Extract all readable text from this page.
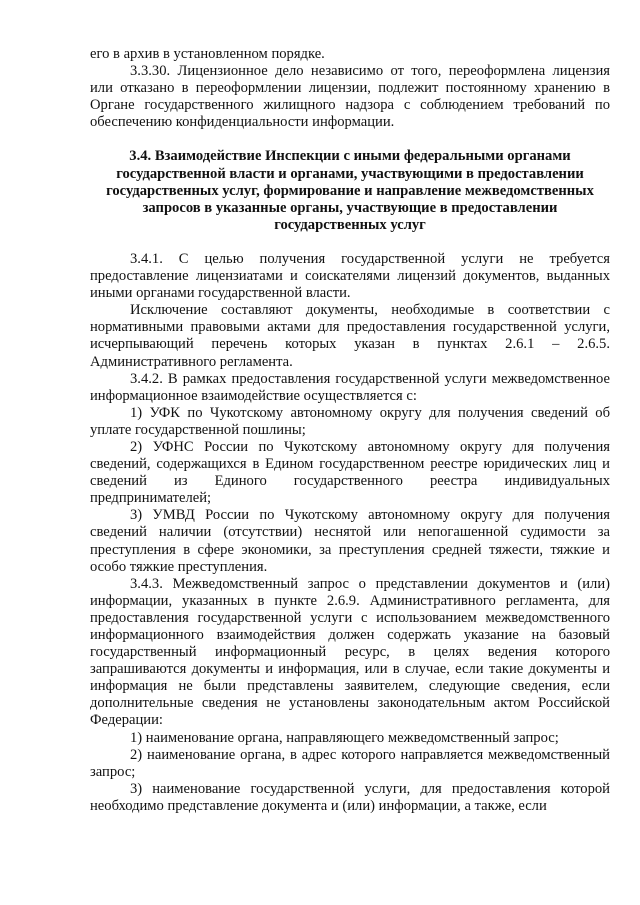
его в архив в установленном порядке.

3.3.30. Лицензионное дело независимо от того, переоформлена лицензия или отказано в переоформлении лицензии, подлежит постоянному хранению в Органе государственного жилищного надзора с соблюдением требований по обеспечению конфиденциальности информации.

3.4. Взаимодействие Инспекции с иными федеральными органами государственной власти и органами, участвующими в предоставлении государственных услуг, формирование и направление межведомственных запросов в указанные органы, участвующие в предоставлении государственных услуг

3.4.1. С целью получения государственной услуги не требуется предоставление лицензиатами и соискателями лицензий документов, выданных иными органами государственной власти.

Исключение составляют документы, необходимые в соответствии с нормативными правовыми актами для предоставления государственной услуги, исчерпывающий перечень которых указан в пунктах 2.6.1 – 2.6.5. Административного регламента.

3.4.2. В рамках предоставления государственной услуги межведомственное информационное взаимодействие осуществляется с:

1) УФК по Чукотскому автономному округу для получения сведений об уплате государственной пошлины;

2) УФНС России по Чукотскому автономному округу для получения сведений, содержащихся в Едином государственном реестре юридических лиц и сведений из Единого государственного реестра индивидуальных предпринимателей;

3) УМВД России по Чукотскому автономному округу для получения сведений наличии (отсутствии) неснятой или непогашенной судимости за преступления в сфере экономики, за преступления средней тяжести, тяжкие и особо тяжкие преступления.

3.4.3. Межведомственный запрос о представлении документов и (или) информации, указанных в пункте 2.6.9. Административного регламента, для предоставления государственной услуги с использованием межведомственного информационного взаимодействия должен содержать указание на базовый государственный информационный ресурс, в целях ведения которого запрашиваются документы и информация, или в случае, если такие документы и информация не были представлены заявителем, следующие сведения, если дополнительные сведения не установлены законодательным актом Российской Федерации:

1) наименование органа, направляющего межведомственный запрос;

2) наименование органа, в адрес которого направляется межведомственный запрос;

3) наименование государственной услуги, для предоставления которой необходимо представление документа и (или) информации, а также, если
